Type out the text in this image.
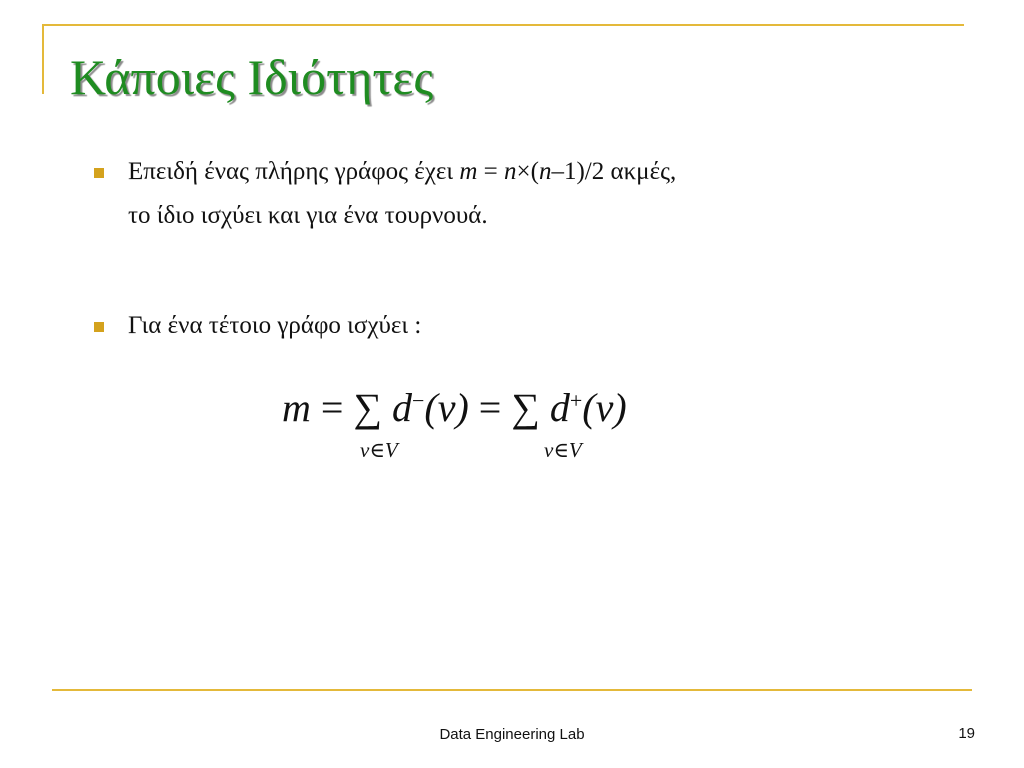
Κάποιες Ιδιότητες
Επειδή ένας πλήρης γράφος έχει m = n×(n–1)/2 ακμές,
το ίδιο ισχύει και για ένα τουρνουά.
Για ένα τέτοιο γράφο ισχύει :
m = ∑ d−(v) = ∑ d+(v)
v∈V	v∈V
Data Engineering Lab	19
